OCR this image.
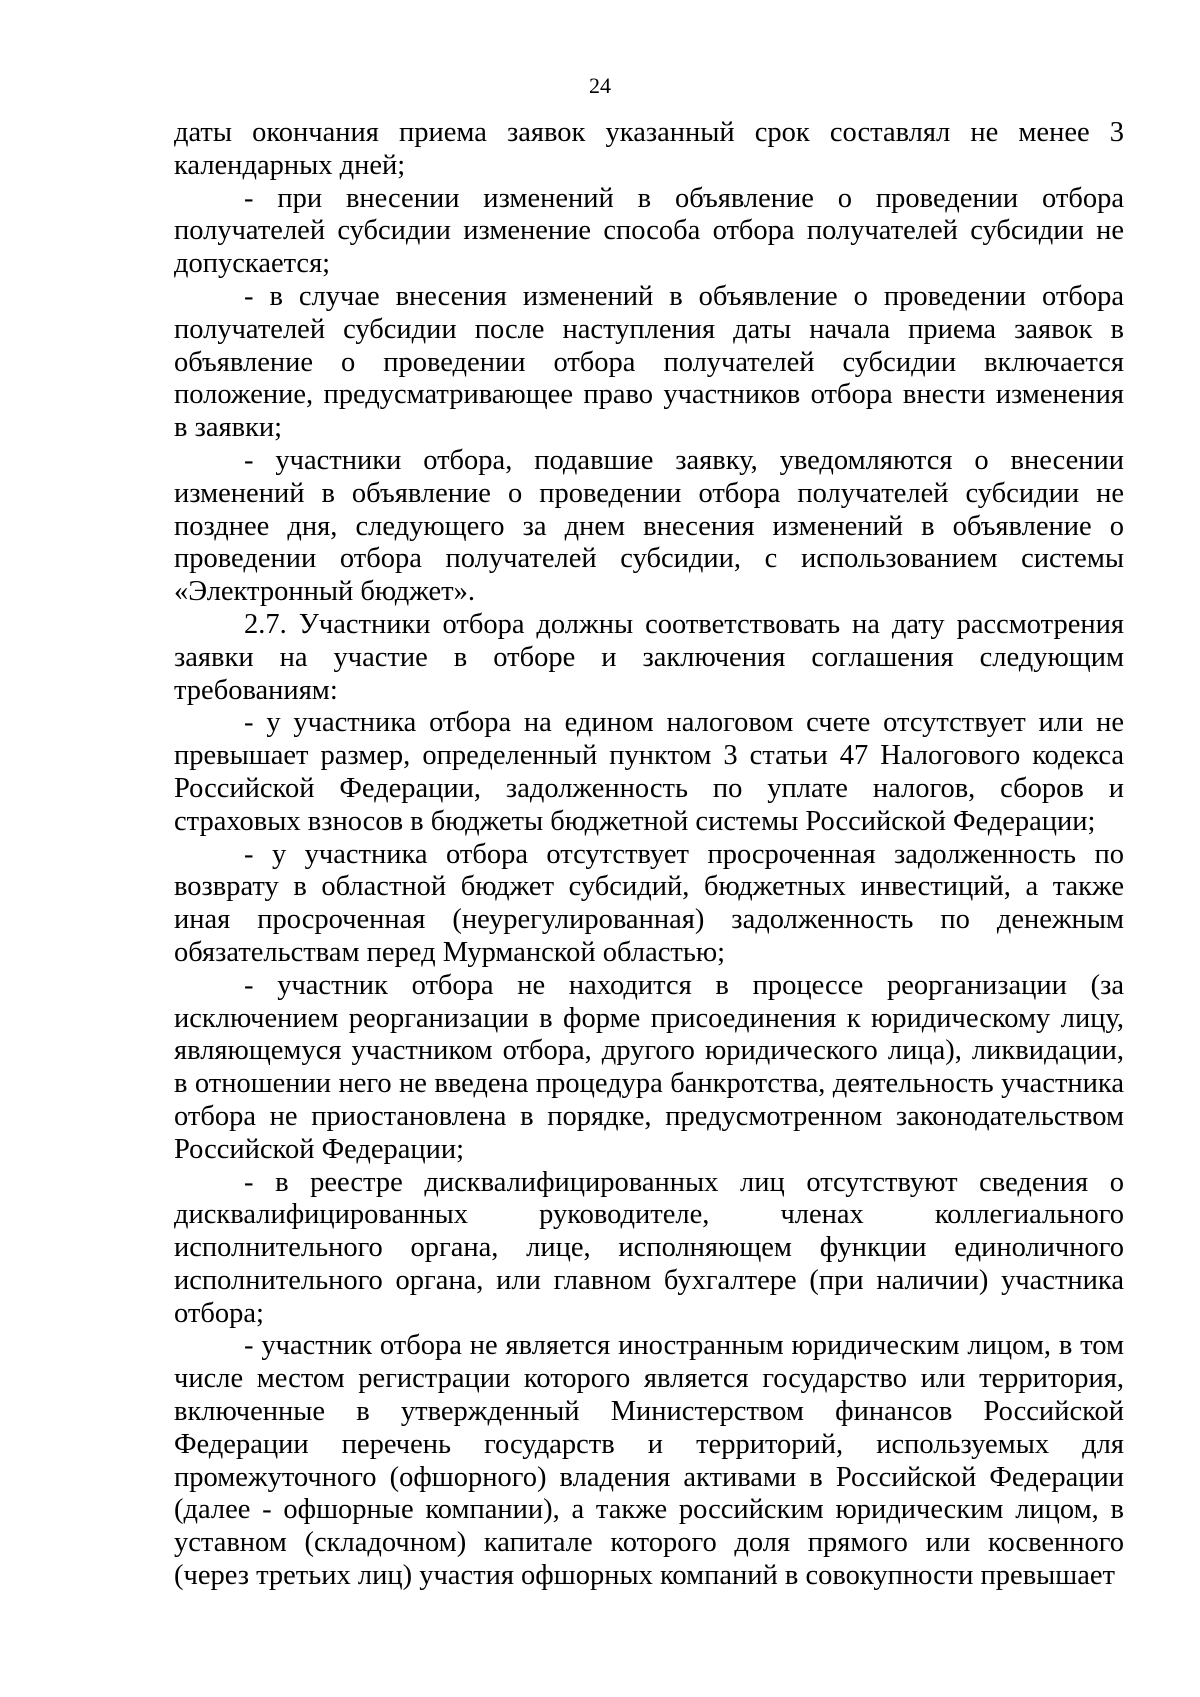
24

даты окончания приема заявок указанный срок составлял не менее 3 календарных дней;

- при внесении изменений в объявление о проведении отбора получателей субсидии изменение способа отбора получателей субсидии не допускается;

- в случае внесения изменений в объявление о проведении отбора получателей субсидии после наступления даты начала приема заявок в объявление о проведении отбора получателей субсидии включается положение, предусматривающее право участников отбора внести изменения в заявки;

- участники отбора, подавшие заявку, уведомляются о внесении изменений в объявление о проведении отбора получателей субсидии не позднее дня, следующего за днем внесения изменений в объявление о проведении отбора получателей субсидии, с использованием системы «Электронный бюджет».

2.7. Участники отбора должны соответствовать на дату рассмотрения заявки на участие в отборе и заключения соглашения следующим требованиям:

- у участника отбора на едином налоговом счете отсутствует или не превышает размер, определенный пунктом 3 статьи 47 Налогового кодекса Российской Федерации, задолженность по уплате налогов, сборов и страховых взносов в бюджеты бюджетной системы Российской Федерации;

- у участника отбора отсутствует просроченная задолженность по возврату в областной бюджет субсидий, бюджетных инвестиций, а также иная просроченная (неурегулированная) задолженность по денежным обязательствам перед Мурманской областью;

- участник отбора не находится в процессе реорганизации (за исключением реорганизации в форме присоединения к юридическому лицу, являющемуся участником отбора, другого юридического лица), ликвидации, в отношении него не введена процедура банкротства, деятельность участника отбора не приостановлена в порядке, предусмотренном законодательством Российской Федерации;

- в реестре дисквалифицированных лиц отсутствуют сведения о дисквалифицированных руководителе, членах коллегиального исполнительного органа, лице, исполняющем функции единоличного исполнительного органа, или главном бухгалтере (при наличии) участника отбора;

- участник отбора не является иностранным юридическим лицом, в том числе местом регистрации которого является государство или территория, включенные в утвержденный Министерством финансов Российской Федерации перечень государств и территорий, используемых для промежуточного (офшорного) владения активами в Российской Федерации (далее - офшорные компании), а также российским юридическим лицом, в уставном (складочном) капитале которого доля прямого или косвенного (через третьих лиц) участия офшорных компаний в совокупности превышает
